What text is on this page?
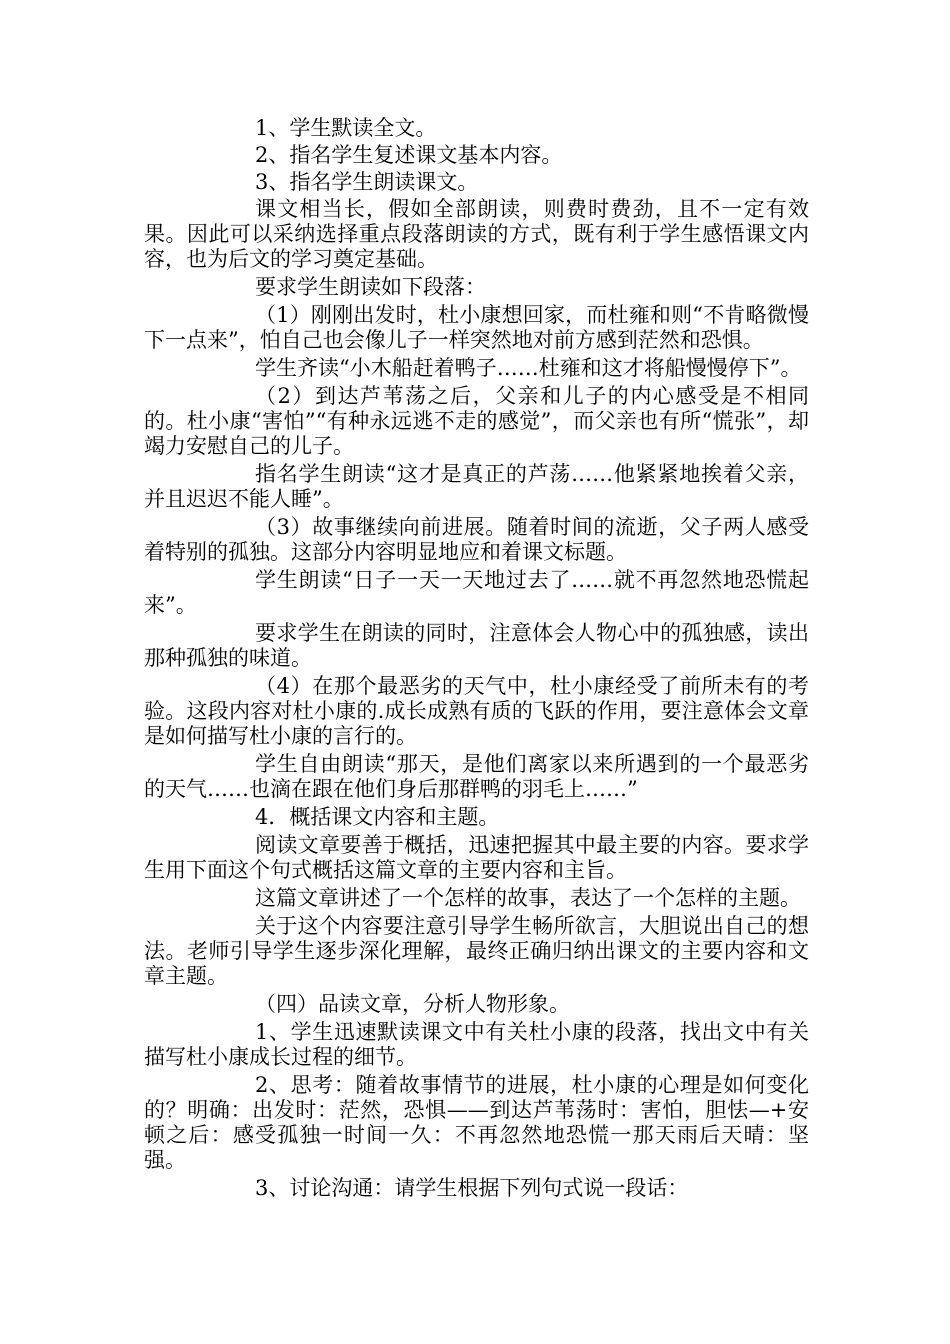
1、学生默读全文。

2、指名学生复述课文基本内容。

3、指名学生朗读课文。

课文相当长，假如全部朗读，则费时费劲，且不一定有效果。因此可以采纳选择重点段落朗读的方式，既有利于学生感悟课文内容，也为后文的学习奠定基础。

要求学生朗读如下段落：

（1）刚刚出发时，杜小康想回家，而杜雍和则“不肯略微慢下一点来”，怕自己也会像儿子一样突然地对前方感到茫然和恐惧。

学生齐读“小木船赶着鸭子……杜雍和这才将船慢慢停下”。

（2）到达芦苇荡之后，父亲和儿子的内心感受是不相同的。杜小康“害怕”“有种永远逃不走的感觉”，而父亲也有所“慌张”，却竭力安慰自己的儿子。

指名学生朗读“这才是真正的芦荡……他紧紧地挨着父亲，并且迟迟不能人睡”。

（3）故事继续向前进展。随着时间的流逝，父子两人感受着特别的孤独。这部分内容明显地应和着课文标题。

学生朗读“日子一天一天地过去了……就不再忽然地恐慌起来”。

要求学生在朗读的同时，注意体会人物心中的孤独感，读出那种孤独的味道。

（4）在那个最恶劣的天气中，杜小康经受了前所未有的考验。这段内容对杜小康的.成长成熟有质的飞跃的作用，要注意体会文章是如何描写杜小康的言行的。

学生自由朗读“那天，是他们离家以来所遇到的一个最恶劣的天气……也滴在跟在他们身后那群鸭的羽毛上……”

4．概括课文内容和主题。

阅读文章要善于概括，迅速把握其中最主要的内容。要求学生用下面这个句式概括这篇文章的主要内容和主旨。

这篇文章讲述了一个怎样的故事，表达了一个怎样的主题。

关于这个内容要注意引导学生畅所欲言，大胆说出自己的想法。老师引导学生逐步深化理解，最终正确归纳出课文的主要内容和文章主题。

（四）品读文章，分析人物形象。

1、学生迅速默读课文中有关杜小康的段落，找出文中有关描写杜小康成长过程的细节。

2、思考：随着故事情节的进展，杜小康的心理是如何变化的？明确：出发时：茫然，恐惧——到达芦苇荡时：害怕，胆怯—+安顿之后：感受孤独一时间一久：不再忽然地恐慌一那天雨后天晴：坚强。

3、讨论沟通：请学生根据下列句式说一段话：
